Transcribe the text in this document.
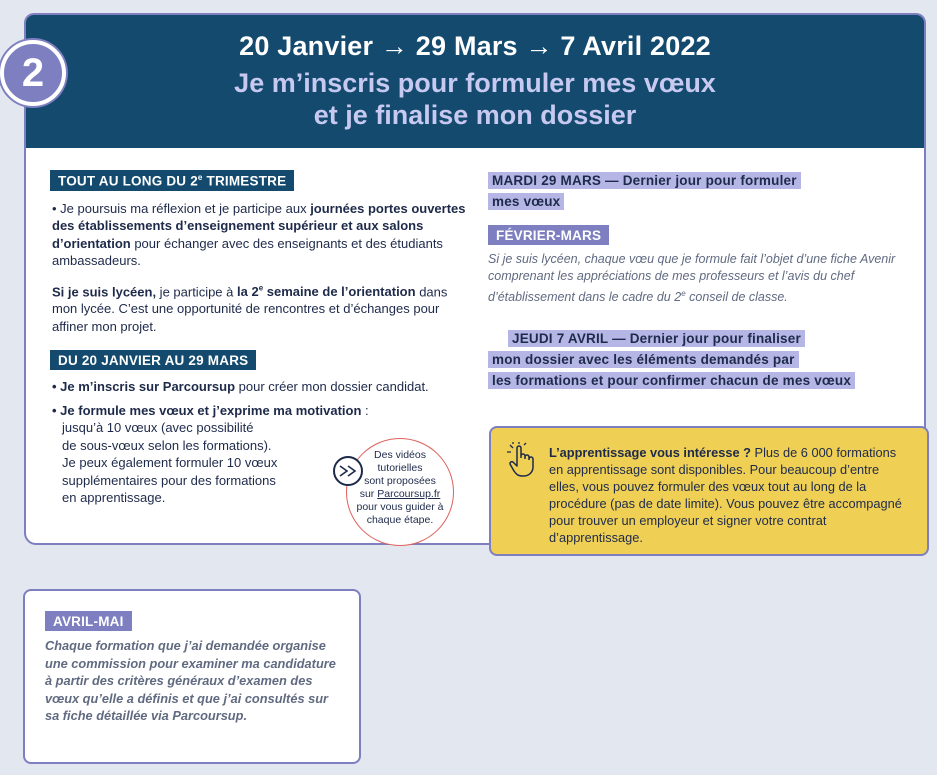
2
20 Janvier → 29 Mars → 7 Avril 2022
Je m’inscris pour formuler mes vœux
et je finalise mon dossier
TOUT AU LONG DU 2e TRIMESTRE

• Je poursuis ma réflexion et je participe aux journées portes ouvertes des établissements d’enseignement supérieur et aux salons d’orientation pour échanger avec des enseignants et des étudiants ambassadeurs.

Si je suis lycéen, je participe à la 2e semaine de l’orientation dans mon lycée. C’est une opportunité de rencontres et d’échanges pour affiner mon projet.

DU 20 JANVIER AU 29 MARS

• Je m’inscris sur Parcoursup pour créer mon dossier candidat.

• Je formule mes vœux et j’exprime ma motivation :

jusqu’à 10 vœux (avec possibilité
de sous-vœux selon les formations).
Je peux également formuler 10 vœux
supplémentaires pour des formations
en apprentissage.
MARDI 29 MARS — Dernier jour pour formuler
mes vœux
FÉVRIER-MARS

Si je suis lycéen, chaque vœu que je formule fait l’objet d’une fiche Avenir comprenant les appréciations de mes professeurs et l’avis du chef d’établissement dans le cadre du 2e conseil de classe.

JEUDI 7 AVRIL — Dernier jour pour finaliser
mon dossier avec les éléments demandés par
les formations et pour confirmer chacun de mes vœux
Des vidéos
tutorielles
sont proposées
sur Parcoursup.fr
pour vous guider à
chaque étape.

L’apprentissage vous intéresse ? Plus de 6 000 formations en apprentissage sont disponibles. Pour beaucoup d’entre elles, vous pouvez formuler des vœux tout au long de la procédure (pas de date limite). Vous pouvez être accompagné pour trouver un employeur et signer votre contrat d’apprentissage.

AVRIL-MAI

Chaque formation que j’ai demandée organise une commission pour examiner ma candidature à partir des critères généraux d’examen des vœux qu’elle a définis et que j’ai consultés sur sa fiche détaillée via Parcoursup.
